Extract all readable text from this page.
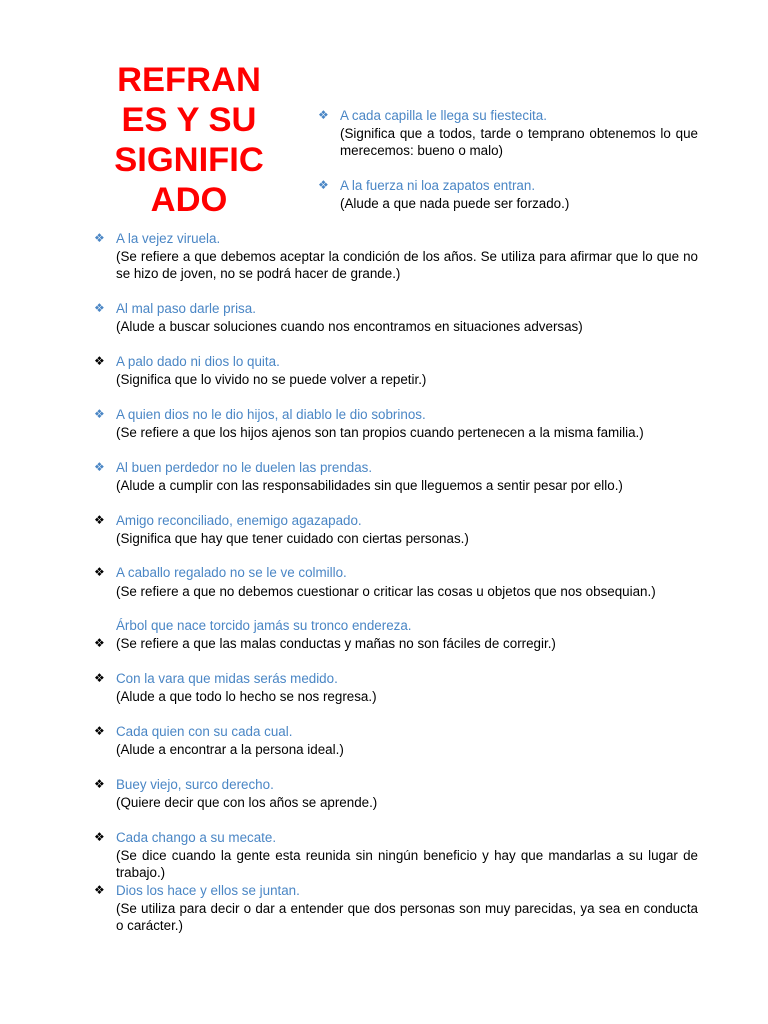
REFRAN
ES Y SU
SIGNIFIC
ADO
❖ A cada capilla le llega su fiestecita.
(Significa que a todos, tarde o temprano obtenemos lo que merecemos: bueno o malo)
❖ A la fuerza ni loa zapatos entran.
(Alude a que nada puede ser forzado.)
❖ A la vejez viruela.
(Se refiere a que debemos aceptar la condición de los años. Se utiliza para afirmar que lo que no se hizo de joven, no se podrá hacer de grande.)
❖ Al mal paso darle prisa.
(Alude a buscar soluciones cuando nos encontramos en situaciones adversas)
❖ A palo dado ni dios lo quita.
(Significa que lo vivido no se puede volver a repetir.)
❖ A quien dios no le dio hijos, al diablo le dio sobrinos.
(Se refiere a que los hijos ajenos son tan propios cuando pertenecen a la misma familia.)
❖ Al buen perdedor no le duelen las prendas.
(Alude a cumplir con las responsabilidades sin que lleguemos a sentir pesar por ello.)
❖ Amigo reconciliado, enemigo agazapado.
(Significa que hay que tener cuidado con ciertas personas.)
❖ A caballo regalado no se le ve colmillo.
(Se refiere a que no debemos cuestionar o criticar las cosas u objetos que nos obsequian.)
Árbol que nace torcido jamás su tronco endereza.
❖ (Se refiere a que las malas conductas y mañas no son fáciles de corregir.)
❖ Con la vara que midas serás medido.
(Alude a que todo lo hecho se nos regresa.)
❖ Cada quien con su cada cual.
(Alude a encontrar a la persona ideal.)
❖ Buey viejo, surco derecho.
(Quiere decir que con los años se aprende.)
❖ Cada chango a su mecate.
(Se dice cuando la gente esta reunida sin ningún beneficio y hay que mandarlas a su lugar de trabajo.)
❖ Dios los hace y ellos se juntan.
(Se utiliza para decir o dar a entender que dos personas son muy parecidas, ya sea en conducta o carácter.)
